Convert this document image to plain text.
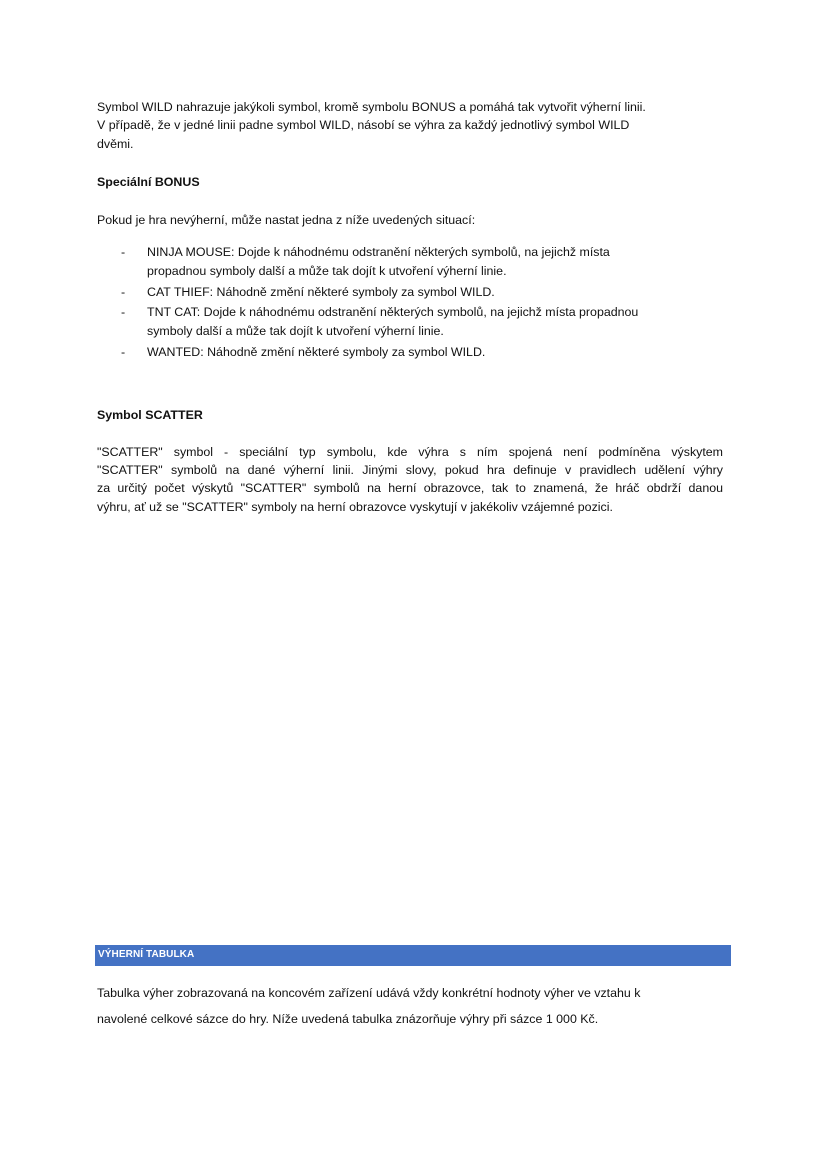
Symbol WILD nahrazuje jakýkoli symbol, kromě symbolu BONUS a pomáhá tak vytvořit výherní linii.
V případě, že v jedné linii padne symbol WILD, násobí se výhra za každý jednotlivý symbol WILD
dvěmi.
Speciální BONUS
Pokud je hra nevýherní, může nastat jedna z níže uvedených situací:
- NINJA MOUSE: Dojde k náhodnému odstranění některých symbolů, na jejichž místa
propadnou symboly další a může tak dojít k utvoření výherní linie.
- CAT THIEF: Náhodně změní některé symboly za symbol WILD.
- TNT CAT: Dojde k náhodnému odstranění některých symbolů, na jejichž místa propadnou
symboly další a může tak dojít k utvoření výherní linie.
- WANTED: Náhodně změní některé symboly za symbol WILD.
Symbol SCATTER
"SCATTER" symbol - speciální typ symbolu, kde výhra s ním spojená není podmíněna výskytem
"SCATTER" symbolů na dané výherní linii. Jinými slovy, pokud hra definuje v pravidlech udělení výhry
za určitý počet výskytů "SCATTER" symbolů na herní obrazovce, tak to znamená, že hráč obdrží danou
výhru, ať už se "SCATTER" symboly na herní obrazovce vyskytují v jakékoliv vzájemné pozici.
VÝHERNÍ TABULKA
Tabulka výher zobrazovaná na koncovém zařízení udává vždy konkrétní hodnoty výher ve vztahu k
navolené celkové sázce do hry. Níže uvedená tabulka znázorňuje výhry při sázce 1 000 Kč.
